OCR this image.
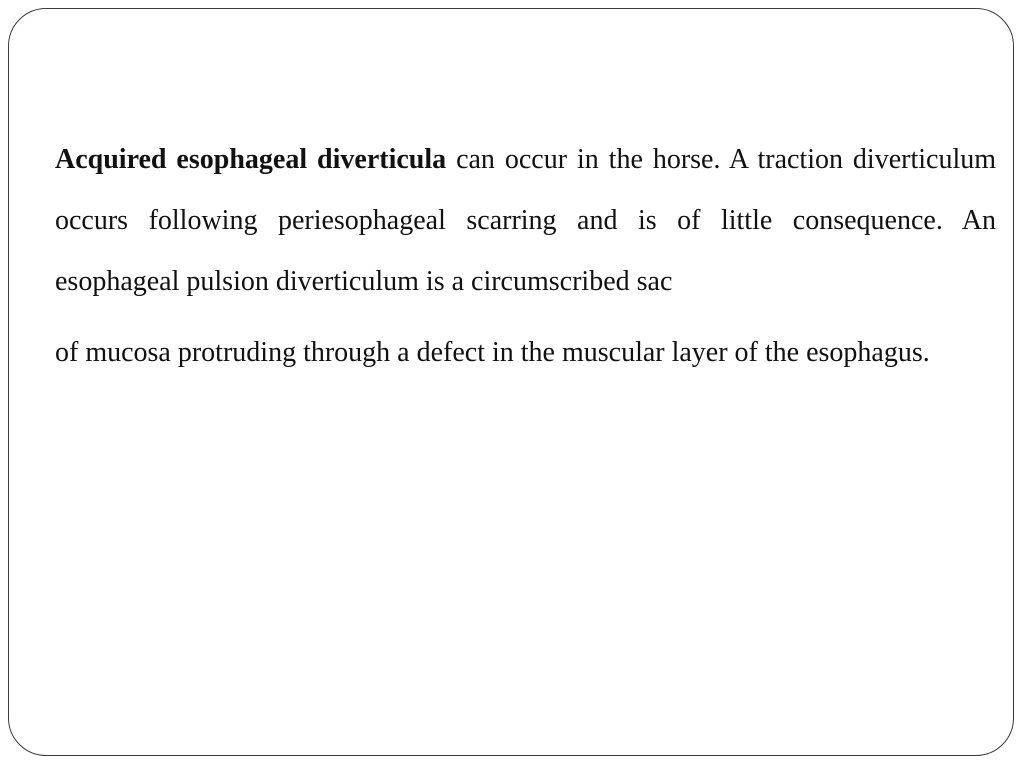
Acquired esophageal diverticula can occur in the horse. A traction diverticulum occurs following periesophageal scarring and is of little consequence. An esophageal pulsion diverticulum is a circumscribed sac

of mucosa protruding through a defect in the muscular layer of the esophagus.
